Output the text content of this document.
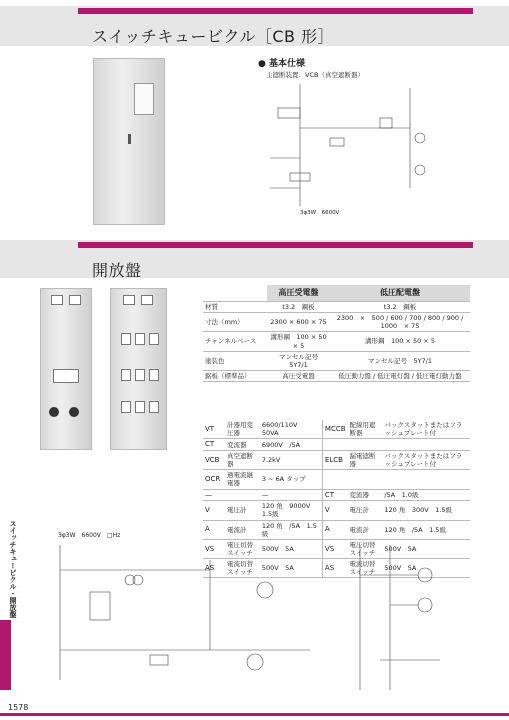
スイッチキュービクル［CB 形］
● 基本仕様
主遮断装置：VCB（真空遮断器）
3φ3W　6600V
開放盤
	高圧受電盤	低圧配電盤
材質	t3.2　鋼板	t3.2　鋼板
寸法（mm）	2300 × 600 × 75	2300　×　500 / 600 / 700 / 800 / 900 / 1000　× 75
チャンネルベース	溝形鋼　100 × 50 × 5	溝形鋼　100 × 50 × 5
塗装色	マンセル記号　5Y7/1	マンセル記号　5Y7/1
銘板（標準品）	高圧受電盤	低圧動力盤 / 低圧電灯盤 / 低圧電灯動力盤
VT	計器用変圧器	6600/110V　50VA	MCCB	配線用遮断器	バックスタットまたはフラッシュプレート付
CT	変流器	6900V　/5A			
VCB	真空遮断器	7.2kV	ELCB	漏電遮断器	バックスタットまたはフラッシュプレート付
OCR	過電流継電器	3 ~ 6A タップ			
—		—	CT	変流器	/5A　1.0級
V	電圧計	120 角　9000V　1.5級	V	電圧計	120 角　300V　1.5級
A	電流計	120 角　/5A　1.5級	A	電流計	120 角　/5A　1.5級
VS	電圧切替スイッチ	500V　5A	VS	電圧切替スイッチ	500V　5A
AS	電流切替スイッチ	500V　5A	AS	電流切替スイッチ	500V　5A
3φ3W　6600V　□Hz
スイッチキュービクル・開放盤
1578
